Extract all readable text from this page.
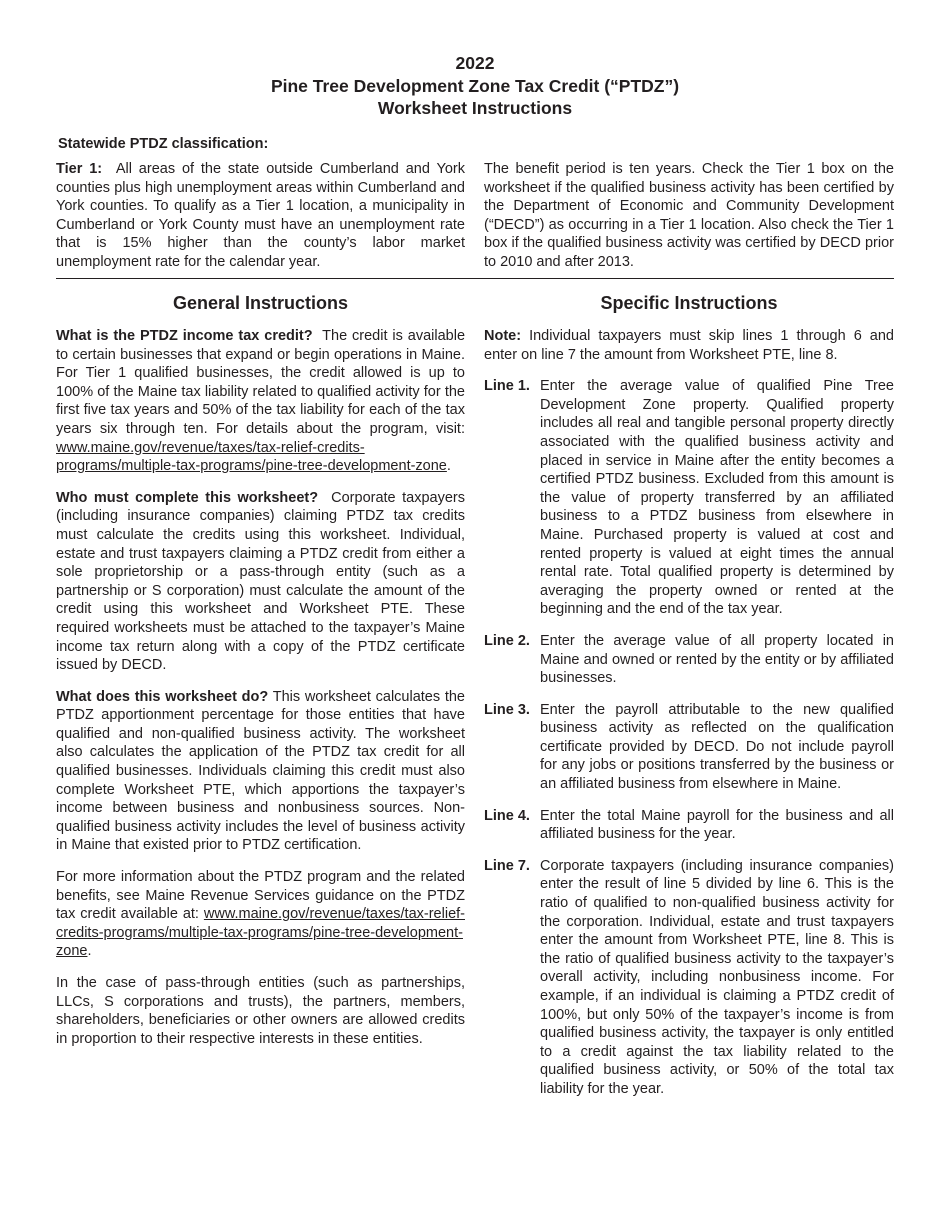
2022
Pine Tree Development Zone Tax Credit (“PTDZ”)
Worksheet Instructions
Statewide PTDZ classification:

Tier 1: All areas of the state outside Cumberland and York counties plus high unemployment areas within Cumberland and York counties. To qualify as a Tier 1 location, a municipality in Cumberland or York County must have an unemployment rate that is 15% higher than the county’s labor market unemployment rate for the calendar year.

The benefit period is ten years. Check the Tier 1 box on the worksheet if the qualified business activity has been certified by the Department of Economic and Community Development (“DECD”) as occurring in a Tier 1 location. Also check the Tier 1 box if the qualified business activity was certified by DECD prior to 2010 and after 2013.

General Instructions

What is the PTDZ income tax credit? The credit is available to certain businesses that expand or begin operations in Maine. For Tier 1 qualified businesses, the credit allowed is up to 100% of the Maine tax liability related to qualified activity for the first five tax years and 50% of the tax liability for each of the tax years six through ten. For details about the program, visit: www.maine.gov/revenue/taxes/tax-relief-credits-programs/multiple-tax-programs/pine-tree-development-zone.

Who must complete this worksheet? Corporate taxpayers (including insurance companies) claiming PTDZ tax credits must calculate the credits using this worksheet. Individual, estate and trust taxpayers claiming a PTDZ credit from either a sole proprietorship or a pass-through entity (such as a partnership or S corporation) must calculate the amount of the credit using this worksheet and Worksheet PTE. These required worksheets must be attached to the taxpayer’s Maine income tax return along with a copy of the PTDZ certificate issued by DECD.

What does this worksheet do? This worksheet calculates the PTDZ apportionment percentage for those entities that have qualified and non-qualified business activity. The worksheet also calculates the application of the PTDZ tax credit for all qualified businesses. Individuals claiming this credit must also complete Worksheet PTE, which apportions the taxpayer’s income between business and nonbusiness sources. Non-qualified business activity includes the level of business activity in Maine that existed prior to PTDZ certification.

For more information about the PTDZ program and the related benefits, see Maine Revenue Services guidance on the PTDZ tax credit available at: www.maine.gov/revenue/taxes/tax-relief-credits-programs/multiple-tax-programs/pine-tree-development-zone.

In the case of pass-through entities (such as partnerships, LLCs, S corporations and trusts), the partners, members, shareholders, beneficiaries or other owners are allowed credits in proportion to their respective interests in these entities.

Specific Instructions

Note: Individual taxpayers must skip lines 1 through 6 and enter on line 7 the amount from Worksheet PTE, line 8.

Line 1. Enter the average value of qualified Pine Tree Development Zone property. Qualified property includes all real and tangible personal property directly associated with the qualified business activity and placed in service in Maine after the entity becomes a certified PTDZ business. Excluded from this amount is the value of property transferred by an affiliated business to a PTDZ business from elsewhere in Maine. Purchased property is valued at cost and rented property is valued at eight times the annual rental rate. Total qualified property is determined by averaging the property owned or rented at the beginning and the end of the tax year.
Line 2. Enter the average value of all property located in Maine and owned or rented by the entity or by affiliated businesses.
Line 3. Enter the payroll attributable to the new qualified business activity as reflected on the qualification certificate provided by DECD. Do not include payroll for any jobs or positions transferred by the business or an affiliated business from elsewhere in Maine.
Line 4. Enter the total Maine payroll for the business and all affiliated business for the year.
Line 7. Corporate taxpayers (including insurance companies) enter the result of line 5 divided by line 6. This is the ratio of qualified to non-qualified business activity for the corporation. Individual, estate and trust taxpayers enter the amount from Worksheet PTE, line 8. This is the ratio of qualified business activity to the taxpayer’s overall activity, including nonbusiness income. For example, if an individual is claiming a PTDZ credit of 100%, but only 50% of the taxpayer’s income is from qualified business activity, the taxpayer is only entitled to a credit against the tax liability related to the qualified business activity, or 50% of the total tax liability for the year.
